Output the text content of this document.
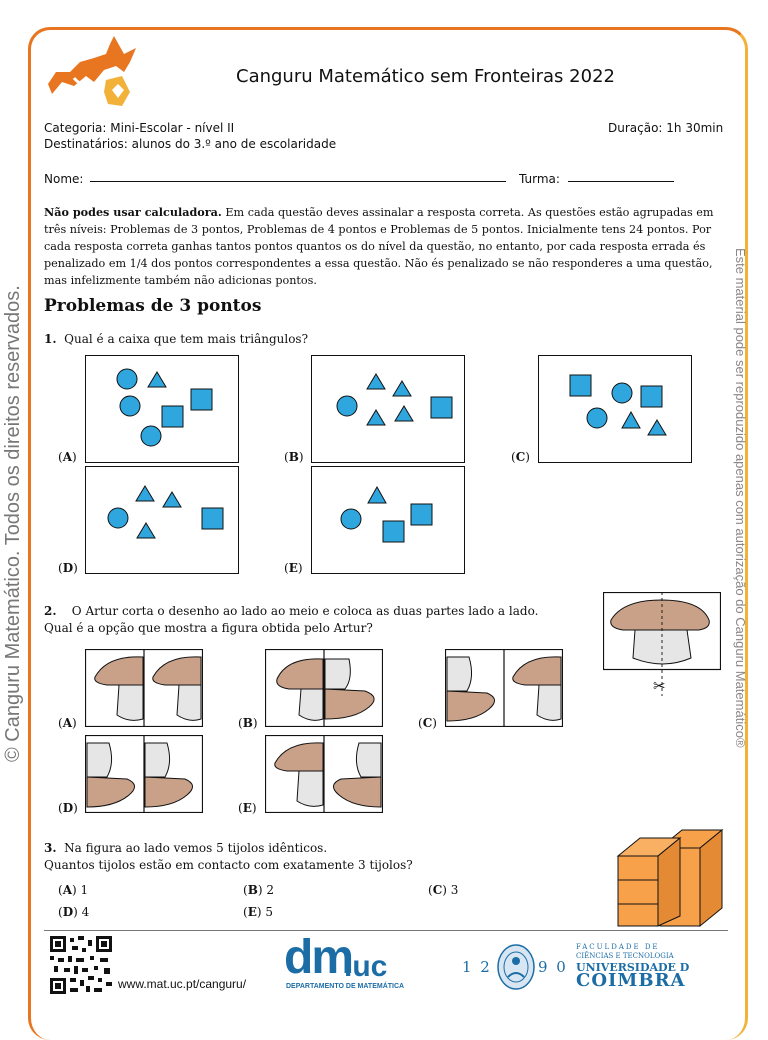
© Canguru Matemático. Todos os direitos reservados.	Este material pode ser reproduzido apenas com autorização do Canguru Matemático®
Canguru Matemático sem Fronteiras 2022
Categoria: Mini-Escolar - nível II	Duração: 1h 30min
Destinatários: alunos do 3.º ano de escolaridade
Nome:	Turma:
Não podes usar calculadora. Em cada questão deves assinalar a resposta correta. As questões estão agrupadas em três níveis: Problemas de 3 pontos, Problemas de 4 pontos e Problemas de 5 pontos. Inicialmente tens 24 pontos. Por cada resposta correta ganhas tantos pontos quantos os do nível da questão, no entanto, por cada resposta errada és penalizado em 1/4 dos pontos correspondentes a essa questão. Não és penalizado se não responderes a uma questão, mas infelizmente também não adicionas pontos.
Problemas de 3 pontos
1. Qual é a caixa que tem mais triângulos?
(A)	(B)	(C)
(D)	(E)
2. O Artur corta o desenho ao lado ao meio e coloca as duas partes lado a lado.
Qual é a opção que mostra a figura obtida pelo Artur?
✂
(A)	(B)	(C)
(D)	(E)
3. Na figura ao lado vemos 5 tijolos idênticos.
Quantos tijolos estão em contacto com exatamente 3 tijolos?
(A) 1	(B) 2	(C) 3
(D) 4	(E) 5
www.mat.uc.pt/canguru/ dm
.uc
DEPARTAMENTO DE MATEMÁTICA
1 2	9 0
FACULDADE DE
CIÊNCIAS E TECNOLOGIA
UNIVERSIDADE D
COIMBRA
